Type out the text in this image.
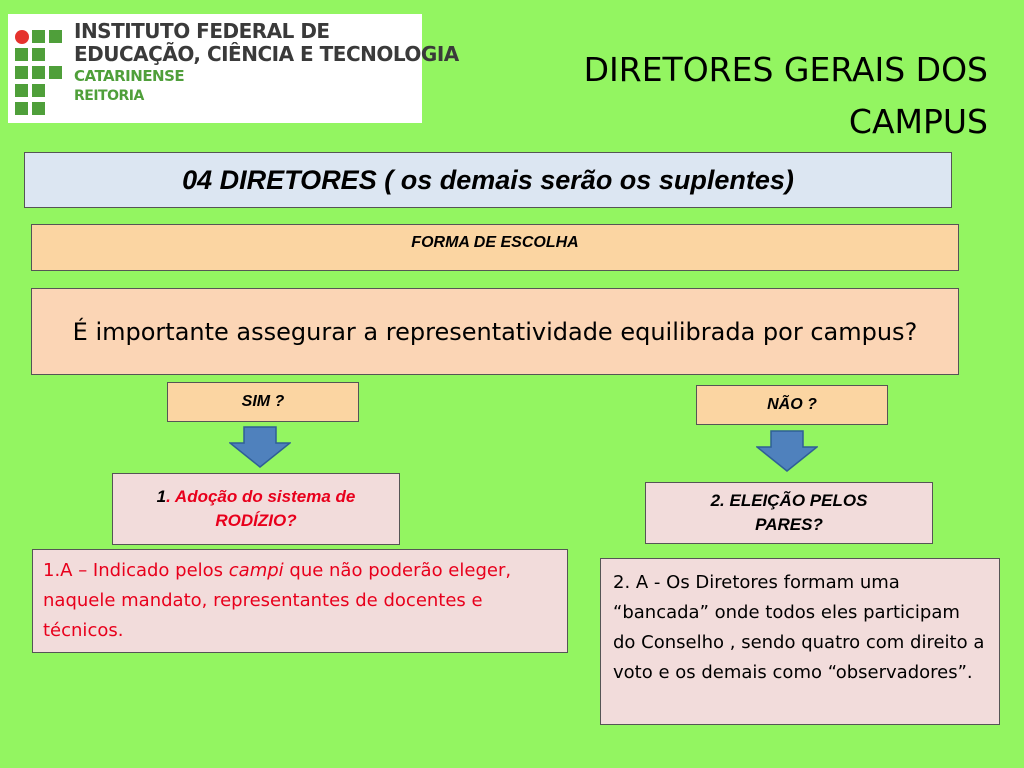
INSTITUTO FEDERAL DE
EDUCAÇÃO, CIÊNCIA E TECNOLOGIA
CATARINENSE
REITORIA
DIRETORES GERAIS DOS
CAMPUS
04 DIRETORES ( os demais serão os suplentes)
FORMA DE ESCOLHA
É importante assegurar a representatividade equilibrada por campus?
SIM ?	NÃO ?
1. Adoção do sistema de RODÍZIO?
2. ELEIÇÃO PELOS PARES?
1.A – Indicado pelos campi que não poderão eleger, naquele mandato, representantes de docentes e técnicos.
2. A - Os Diretores formam uma “bancada” onde todos eles participam do Conselho , sendo quatro com direito a voto e os demais como “observadores”.
